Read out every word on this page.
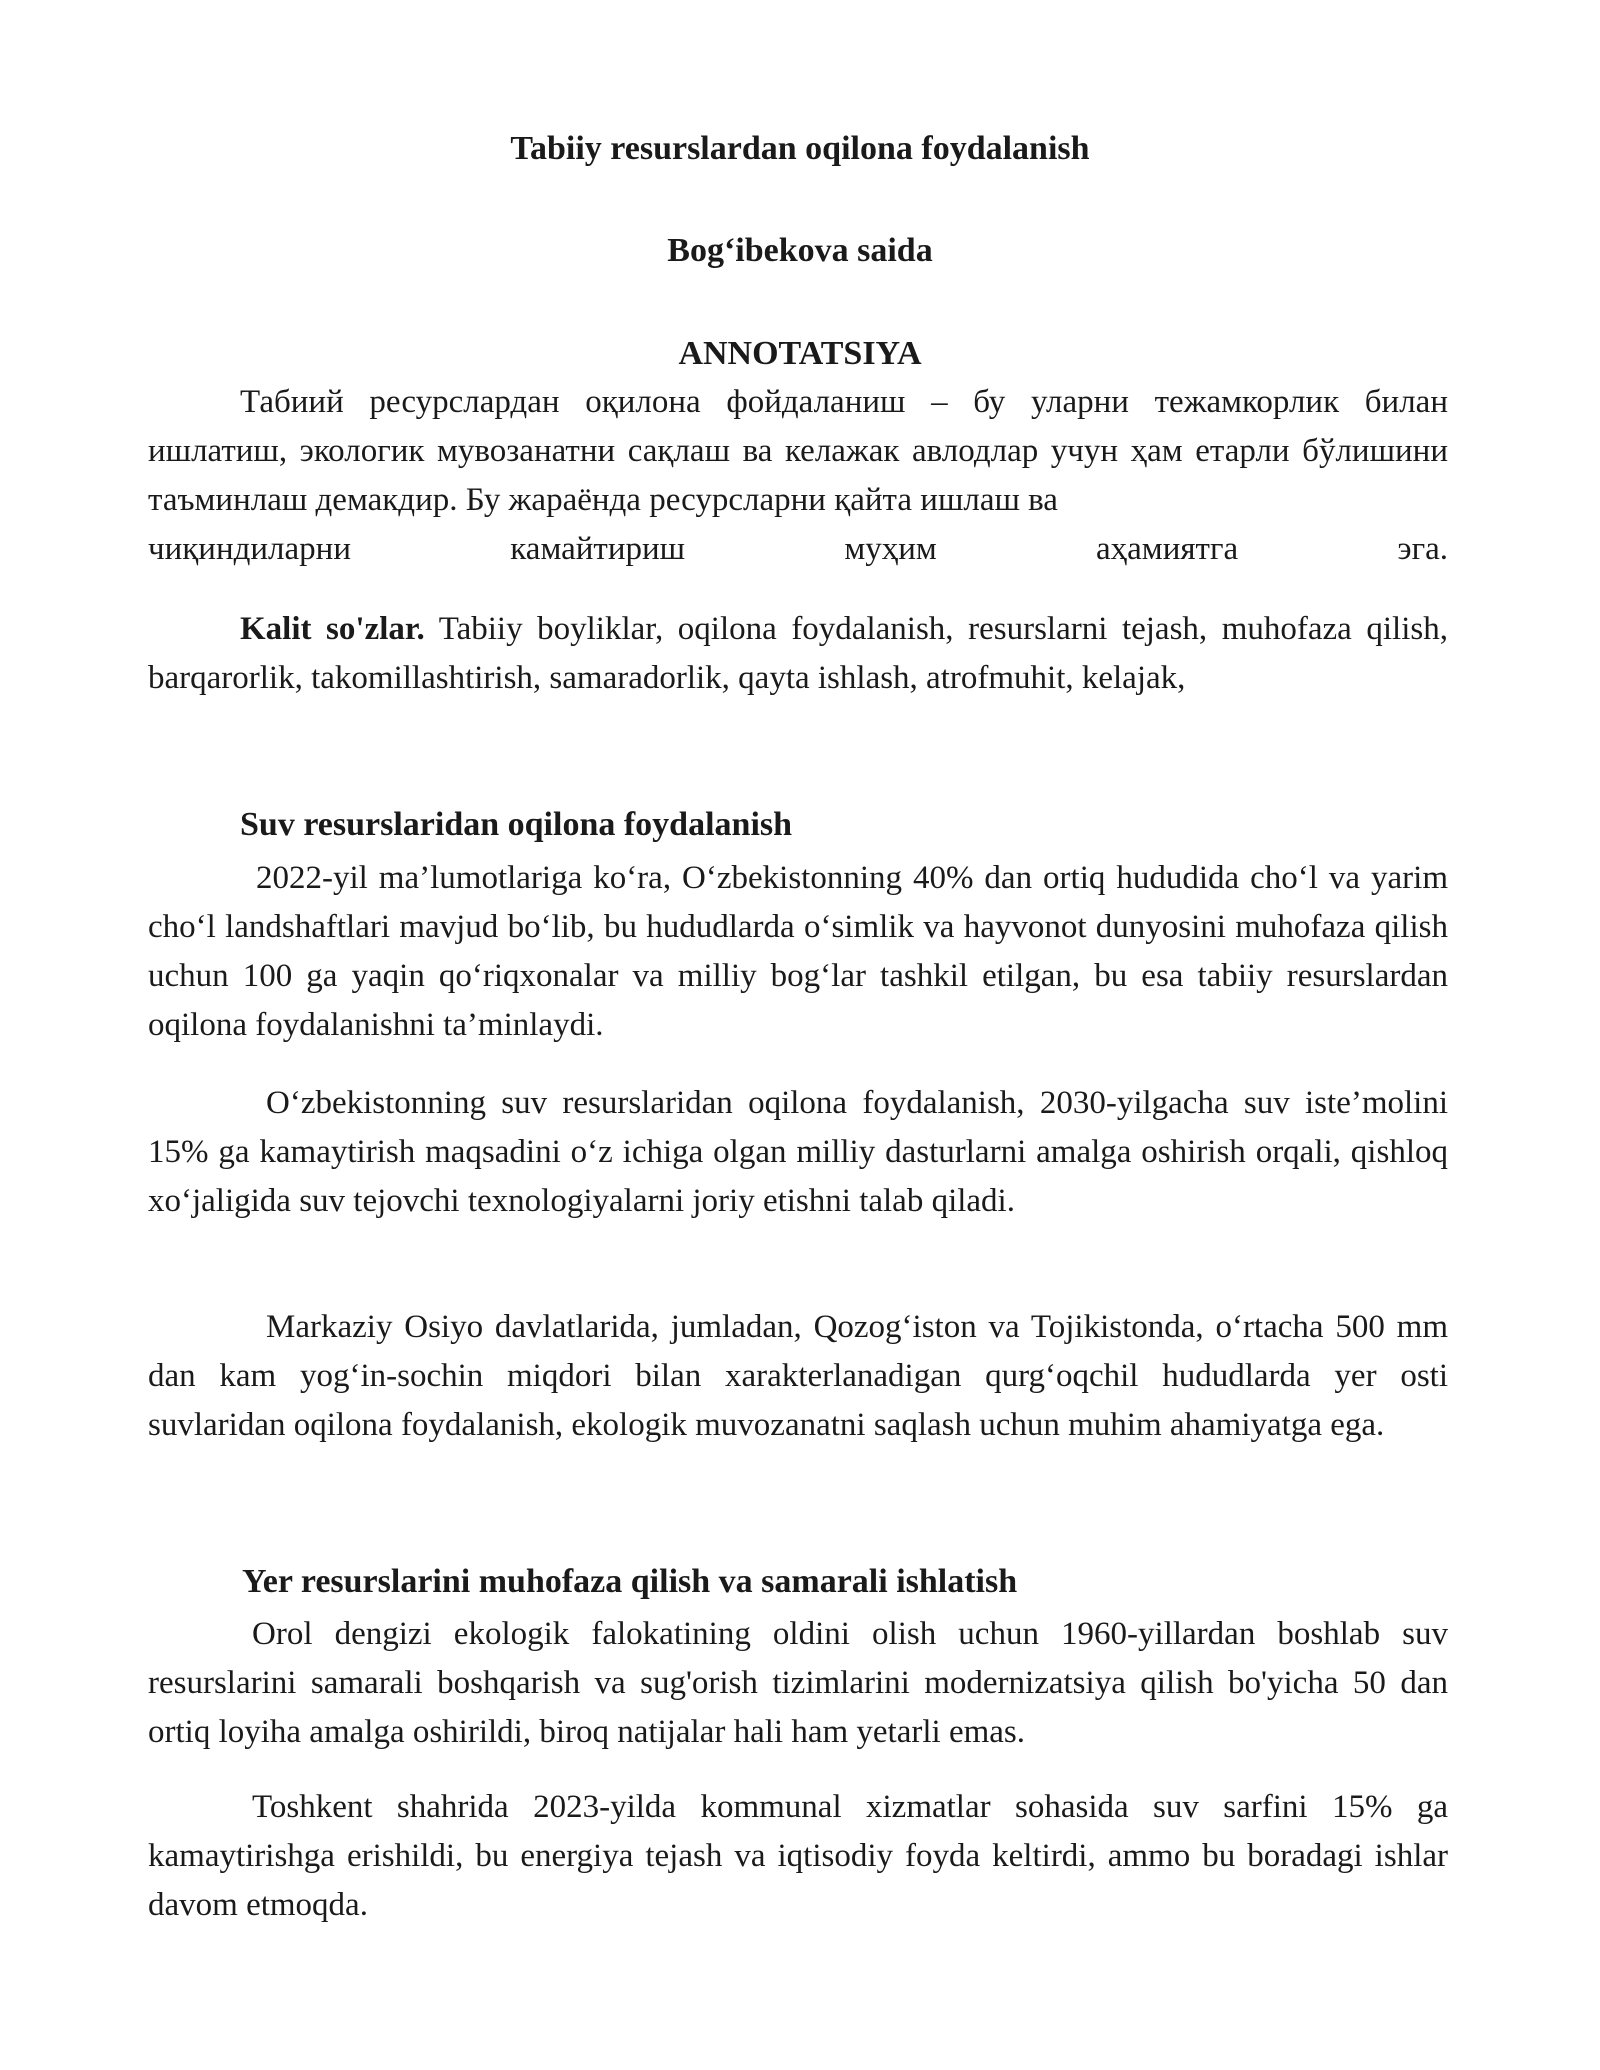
Tabiiy resurslardan oqilona foydalanish
Bog‘ibekova saida
ANNOTATSIYA
Табиий ресурслардан оқилона фойдаланиш – бу уларни тежамкорлик билан ишлатиш, экологик мувозанатни сақлаш ва келажак авлодлар учун ҳам етарли бўлишини таъминлаш демакдир. Бу жараёнда ресурсларни қайта ишлаш ва
чиқиндиларни камайтириш муҳим аҳамиятга эга.
Kalit so'zlar. Tabiiy boyliklar, oqilona foydalanish, resurslarni tejash, muhofaza qilish, barqarorlik, takomillashtirish, samaradorlik, qayta ishlash, atrofmuhit, kelajak,
Suv resurslaridan oqilona foydalanish
2022-yil ma’lumotlariga ko‘ra, O‘zbekistonning 40% dan ortiq hududida cho‘l va yarim cho‘l landshaftlari mavjud bo‘lib, bu hududlarda o‘simlik va hayvonot dunyosini muhofaza qilish uchun 100 ga yaqin qo‘riqxonalar va milliy bog‘lar tashkil etilgan, bu esa tabiiy resurslardan oqilona foydalanishni ta’minlaydi.
O‘zbekistonning suv resurslaridan oqilona foydalanish, 2030-yilgacha suv iste’molini 15% ga kamaytirish maqsadini o‘z ichiga olgan milliy dasturlarni amalga oshirish orqali, qishloq xo‘jaligida suv tejovchi texnologiyalarni joriy etishni talab qiladi.
Markaziy Osiyo davlatlarida, jumladan, Qozog‘iston va Tojikistonda, o‘rtacha 500 mm dan kam yog‘in-sochin miqdori bilan xarakterlanadigan qurg‘oqchil hududlarda yer osti suvlaridan oqilona foydalanish, ekologik muvozanatni saqlash uchun muhim ahamiyatga ega.
Yer resurslarini muhofaza qilish va samarali ishlatish
Orol dengizi ekologik falokatining oldini olish uchun 1960-yillardan boshlab suv resurslarini samarali boshqarish va sug'orish tizimlarini modernizatsiya qilish bo'yicha 50 dan ortiq loyiha amalga oshirildi, biroq natijalar hali ham yetarli emas.
Toshkent shahrida 2023-yilda kommunal xizmatlar sohasida suv sarfini 15% ga kamaytirishga erishildi, bu energiya tejash va iqtisodiy foyda keltirdi, ammo bu boradagi ishlar davom etmoqda.
